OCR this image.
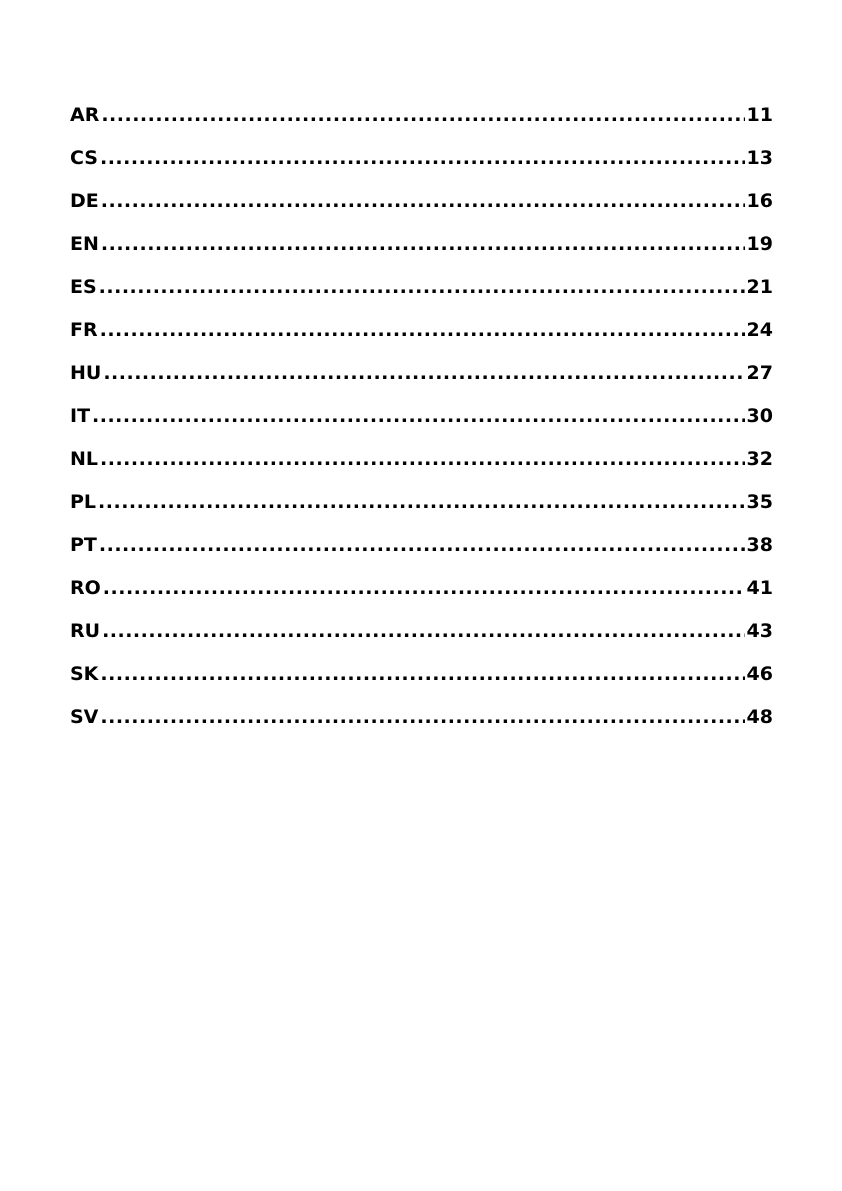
AR .....	11
CS .....	13
DE .....	16
EN .....	19
ES .....	21
FR .....	24
HU .....	27
IT .....	30
NL .....	32
PL .....	35
PT .....	38
RO .....	41
RU .....	43
SK .....	46
SV .....	48
